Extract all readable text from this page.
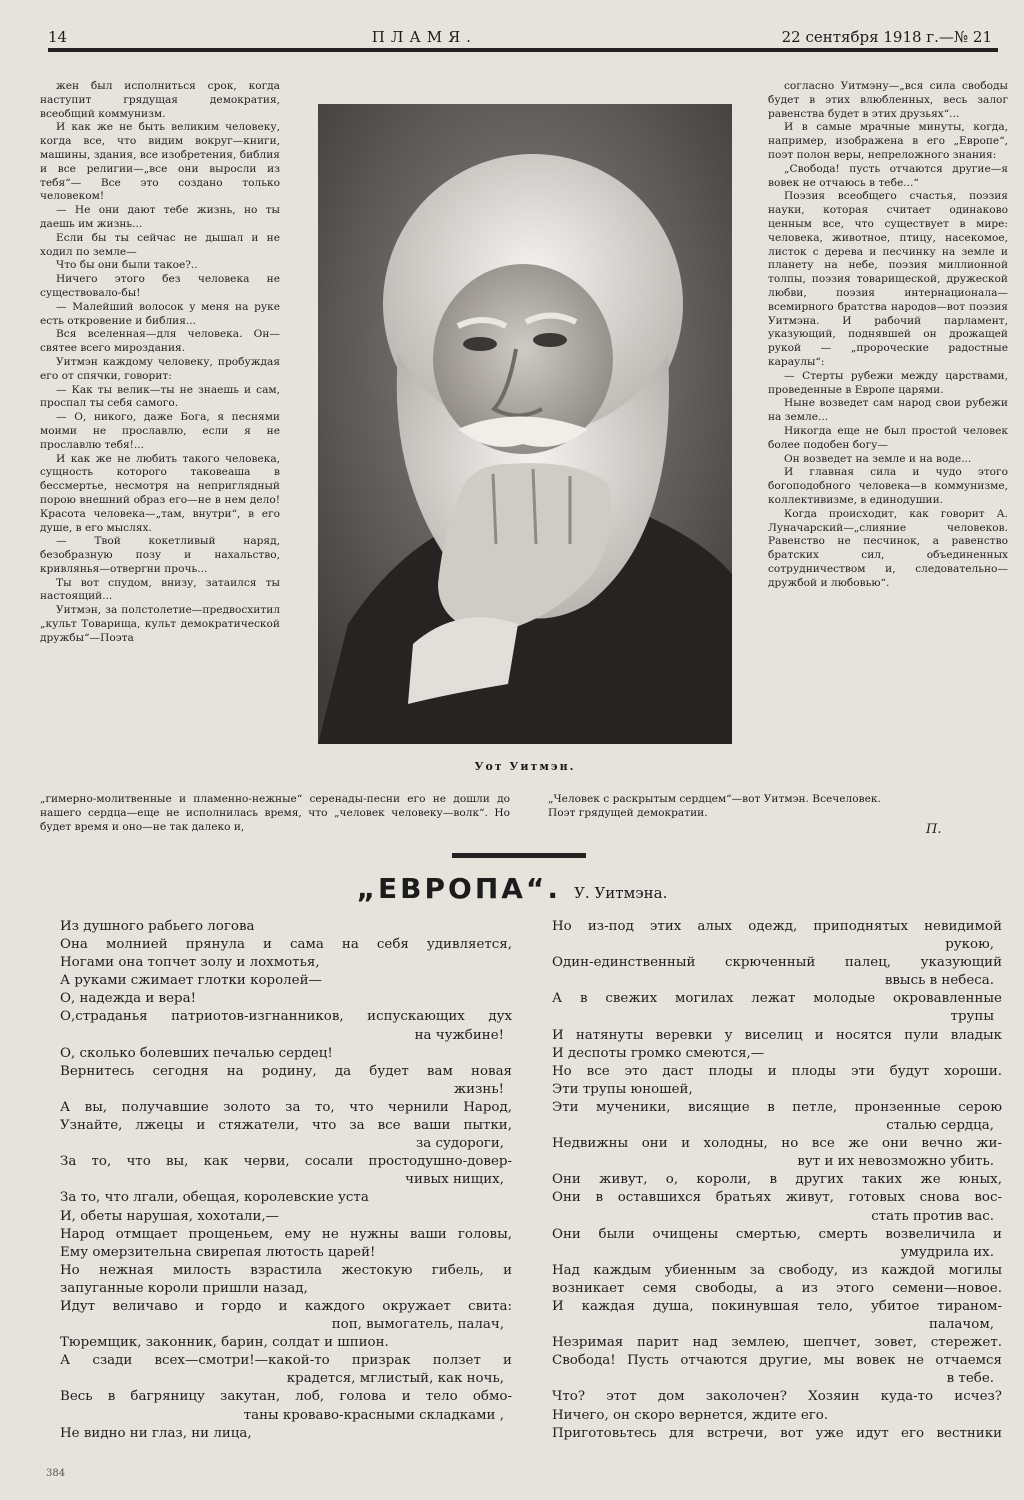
14	ПЛАМЯ.	22 сентября 1918 г.—№ 21

жен был исполниться срок, когда наступит грядущая демократия, всеобщий коммунизм.

И как же не быть великим человеку, когда все, что видим вокруг—книги, машины, здания, все изобретения, библия и все религии—„все они выросли из тебя“— Все это создано только человеком!

— Не они дают тебе жизнь, но ты даешь им жизнь...

Если бы ты сейчас не дышал и не ходил по земле—

Что бы они были такое?..

Ничего этого без человека не существовало-бы!

— Малейший волосок у меня на руке есть откровение и библия...

Вся вселенная—для человека. Он—святее всего мироздания.

Уитмэн каждому человеку, пробуждая его от спячки, говорит:

— Как ты велик—ты не знаешь и сам, проспал ты себя самого.

— О, никого, даже Бога, я песнями моими не прославлю, если я не прославлю тебя!...

И как же не любить такого человека, сущность которого таковеаша в бессмертье, несмотря на неприглядный порою внешний образ его—не в нем дело! Красота человека—„там, внутри“, в его душе, в его мыслях.

— Твой кокетливый наряд, безобразную позу и нахальство, кривлянья—отвергни прочь...

Ты вот спудом, внизу, затаился ты настоящий...

Уитмэн, за полстолетие—предвосхитил „культ Товарища, культ демократической дружбы“—Поэта

Уот Уитмэн.

согласно Уитмэну—„вся сила свободы будет в этих влюбленных, весь залог равенства будет в этих друзьях“...

И в самые мрачные минуты, когда, например, изображена в его „Европе“, поэт полон веры, непреложного знания:

„Свобода! пусть отчаются другие—я вовек не отчаюсь в тебе...“

Поэзия всеобщего счастья, поэзия науки, которая считает одинаково ценным все, что существует в мире: человека, животное, птицу, насекомое, листок с дерева и песчинку на земле и планету на небе, поэзия миллионной толпы, поэзия товарищеской, дружеской любви, поэзия интернационала—всемирного братства народов—вот поэзия Уитмэна. И рабочий парламент, указующий, поднявшей он дрожащей рукой — „пророческие радостные караулы“:

— Стерты рубежи между царствами, проведенные в Европе царями.

Ныне возведет сам народ свои рубежи на земле...

Никогда еще не был простой человек более подобен богу—

Он возведет на земле и на воде...

И главная сила и чудо этого богоподобного человека—в коммунизме, коллективизме, в единодушии.

Когда происходит, как говорит А. Луначарский—„слияние человеков. Равенство не песчинок, а равенство братских сил, объединенных сотрудничеством и, следовательно—дружбой и любовью“.

„гимерно-молитвенные и пламенно-нежные“ серенады-песни его не дошли до нашего сердца—еще не исполнилась время, что „человек человеку—волк“. Но будет время и оно—не так далеко и,
„Человек с раскрытым сердцем“—вот Уитмэн. Всечеловек. Поэт грядущей демократии.
П.
„ЕВРОПА“. У. Уитмэна.
Из душного рабьего логова
Она молнией прянула и сама на себя удивляется,
Ногами она топчет золу и лохмотья,
А руками сжимает глотки королей—
О, надежда и вера!
О,страданья патриотов-изгнанников, испускающих дух
на чужбине!
О, сколько болевших печалью сердец!
Вернитесь сегодня на родину, да будет вам новая
жизнь!
А вы, получавшие золото за то, что чернили Народ,
Узнайте, лжецы и стяжатели, что за все ваши пытки,
за судороги,
За то, что вы, как черви, сосали простодушно-довер-
чивых нищих,
За то, что лгали, обещая, королевские уста
И, обеты нарушая, хохотали,—
Народ отмщает прощеньем, ему не нужны ваши головы,
Ему омерзительна свирепая лютость царей!
Но нежная милость взрастила жестокую гибель, и
запуганные короли пришли назад,
Идут величаво и гордо и каждого окружает свита:
поп, вымогатель, палач,
Тюремщик, законник, барин, солдат и шпион.
А сзади всех—смотри!—какой-то призрак ползет и
крадется, мглистый, как ночь,
Весь в багряницу закутан, лоб, голова и тело обмо-
таны кроваво-красными складками ,
Не видно ни глаз, ни лица,
Но из-под этих алых одежд, приподнятых невидимой
рукою,
Один-единственный скрюченный палец, указующий
ввысь в небеса.
А в свежих могилах лежат молодые окровавленные
трупы
И натянуты веревки у виселиц и носятся пули владык
И деспоты громко смеются,—
Но все это даст плоды и плоды эти будут хороши.
Эти трупы юношей,
Эти мученики, висящие в петле, пронзенные серою
сталью сердца,
Недвижны они и холодны, но все же они вечно жи-
вут и их невозможно убить.
Они живут, о, короли, в других таких же юных,
Они в оставшихся братьях живут, готовых снова вос-
стать против вас.
Они были очищены смертью, смерть возвеличила и
умудрила их.
Над каждым убиенным за свободу, из каждой могилы
возникает семя свободы, а из этого семени—новое.
И каждая душа, покинувшая тело, убитое тираном-
палачом,
Незримая парит над землею, шепчет, зовет, стережет.
Свобода! Пусть отчаются другие, мы вовек не отчаемся
в тебе.
Что? этот дом заколочен? Хозяин куда-то исчез?
Ничего, он скоро вернется, ждите его.
Приготовьтесь для встречи, вот уже идут его вестники
384
